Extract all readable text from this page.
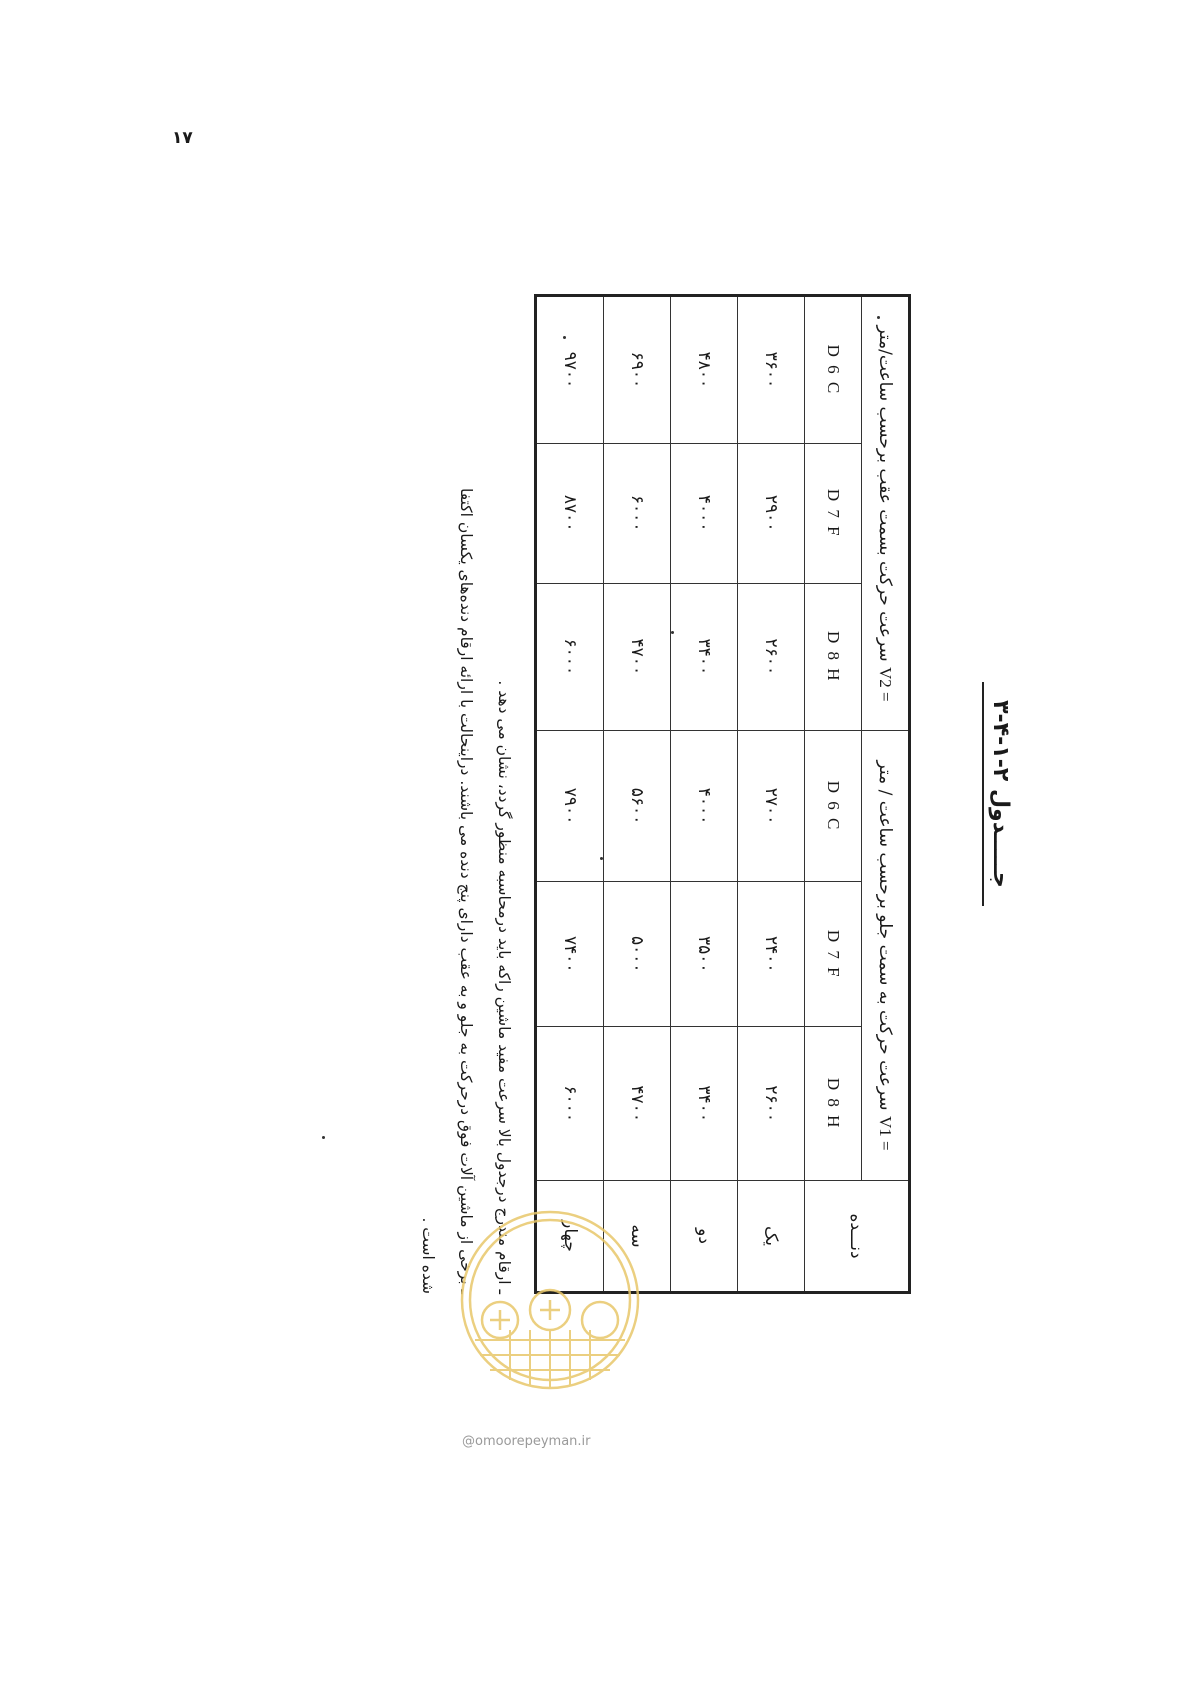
۱۷
جـــــدول ۲-۱-۴-۳
دنـــده	V1 = سرعت حرکت به سمت جلو برحسب ساعت / متر			V2 = سرعت حرکت بسمت عقب برحسب ساعت/متر		
	D 8 H	D 7 F	D 6 C	D 8 H	D 7 F	D 6 C
یک	۲۶۰۰	۲۴۰۰	۲۷۰۰	۲۶۰۰	۲۹۰۰	۳۶۰۰
دو	۳۴۰۰	۳۵۰۰	۴۰۰۰	۳۴۰۰	۴۰۰۰	۴۸۰۰
سه	۴۷۰۰	۵۰۰۰	۵۶۰۰	۴۷۰۰	۶۰۰۰	۶۹۰۰
چهار	۶۰۰۰	۷۴۰۰	۷۹۰۰	۶۰۰۰	۸۷۰۰	۹۷۰۰

ـ ارقام مندرج درجدول بالا سرعت مفید ماشین راکه باید درمحاسبه منظور گردد، نشان می دهد .

ـ برخی از ماشین آلات فوق درحرکت به جلو و به عقب دارای پنج دنده می باشند. دراینحالت با ارائه ارقام دنده‌های یکسان اکتفا

شده است .

@omoorepeyman.ir
